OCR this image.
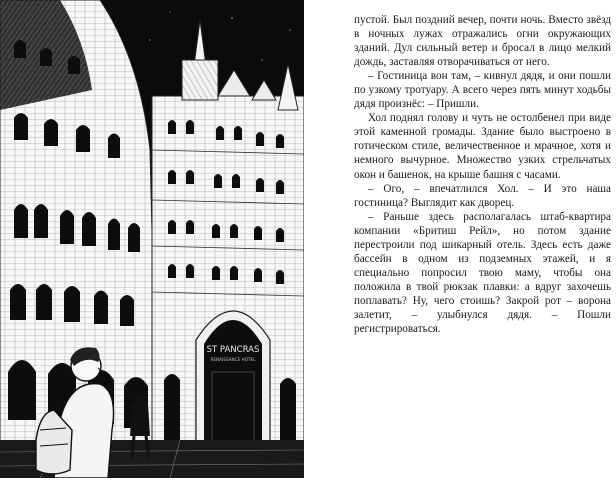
ST PANCRAS
RENAISSANCE HOTEL

пустой. Был поздний вечер, почти ночь. Вместо звёзд в ночных лужах отражались огни окружающих зданий. Дул сильный ветер и бросал в лицо мелкий дождь, заставляя отворачиваться от него.

– Гостиница вон там, – кивнул дядя, и они пошли по узкому тротуару. А всего через пять минут ходьбы дядя произнёс: – Пришли.

Хол поднял голову и чуть не остолбенел при виде этой каменной громады. Здание было выстроено в готическом стиле, величественное и мрачное, хотя и немного вычурное. Множество узких стрельчатых окон и башенок, на крыше башня с часами.

– Ого, – впечатлился Хол. – И это наша гостиница? Выглядит как дворец.

– Раньше здесь располагалась штаб-квартира компании «Бритиш Рейл», но потом здание перестроили под шикарный отель. Здесь есть даже бассейн в одном из подземных этажей, и я специально попросил твою маму, чтобы она положила в твой рюкзак плавки: а вдруг захочешь поплавать? Ну, чего стоишь? Закрой рот – ворона залетит, – улыбнулся дядя. – Пошли регистрироваться.
